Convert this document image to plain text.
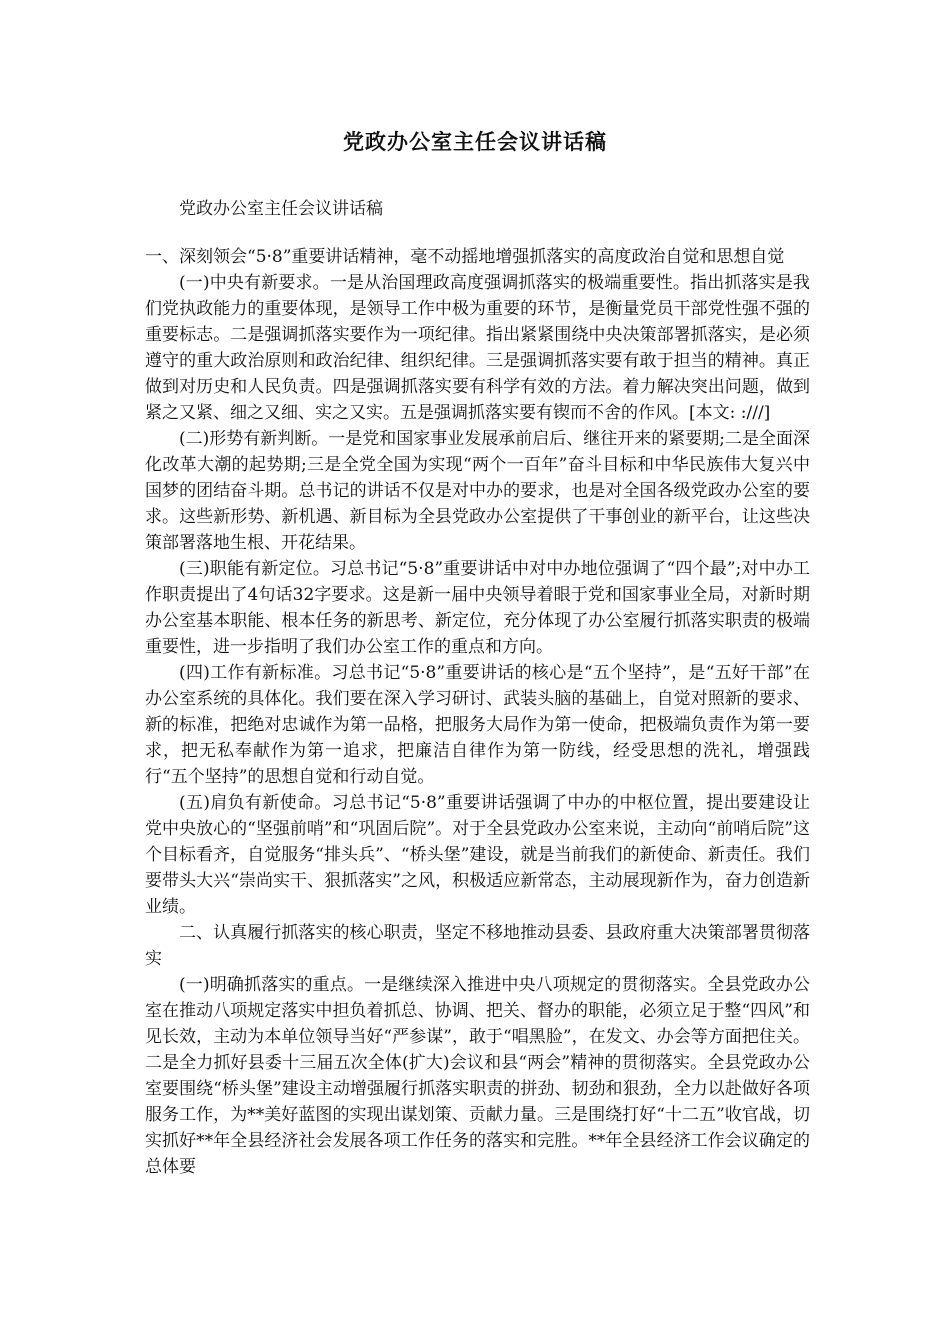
党政办公室主任会议讲话稿

党政办公室主任会议讲话稿

一、深刻领会“5·8”重要讲话精神，毫不动摇地增强抓落实的高度政治自觉和思想自觉

(一)中央有新要求。一是从治国理政高度强调抓落实的极端重要性。指出抓落实是我们党执政能力的重要体现，是领导工作中极为重要的环节，是衡量党员干部党性强不强的重要标志。二是强调抓落实要作为一项纪律。指出紧紧围绕中央决策部署抓落实，是必须遵守的重大政治原则和政治纪律、组织纪律。三是强调抓落实要有敢于担当的精神。真正做到对历史和人民负责。四是强调抓落实要有科学有效的方法。着力解决突出问题，做到紧之又紧、细之又细、实之又实。五是强调抓落实要有锲而不舍的作风。[本文: :///]

(二)形势有新判断。一是党和国家事业发展承前启后、继往开来的紧要期;二是全面深化改革大潮的起势期;三是全党全国为实现“两个一百年”奋斗目标和中华民族伟大复兴中国梦的团结奋斗期。总书记的讲话不仅是对中办的要求，也是对全国各级党政办公室的要求。这些新形势、新机遇、新目标为全县党政办公室提供了干事创业的新平台，让这些决策部署落地生根、开花结果。

(三)职能有新定位。习总书记“5·8”重要讲话中对中办地位强调了“四个最”;对中办工作职责提出了4句话32字要求。这是新一届中央领导着眼于党和国家事业全局，对新时期办公室基本职能、根本任务的新思考、新定位，充分体现了办公室履行抓落实职责的极端重要性，进一步指明了我们办公室工作的重点和方向。

(四)工作有新标准。习总书记“5·8”重要讲话的核心是“五个坚持”，是“五好干部”在办公室系统的具体化。我们要在深入学习研讨、武装头脑的基础上，自觉对照新的要求、新的标准，把绝对忠诚作为第一品格，把服务大局作为第一使命，把极端负责作为第一要求，把无私奉献作为第一追求，把廉洁自律作为第一防线，经受思想的洗礼，增强践行“五个坚持”的思想自觉和行动自觉。

(五)肩负有新使命。习总书记“5·8”重要讲话强调了中办的中枢位置，提出要建设让党中央放心的“坚强前哨”和“巩固后院”。对于全县党政办公室来说，主动向“前哨后院”这个目标看齐，自觉服务“排头兵”、“桥头堡”建设，就是当前我们的新使命、新责任。我们要带头大兴“崇尚实干、狠抓落实”之风，积极适应新常态，主动展现新作为，奋力创造新业绩。

二、认真履行抓落实的核心职责，坚定不移地推动县委、县政府重大决策部署贯彻落实

(一)明确抓落实的重点。一是继续深入推进中央八项规定的贯彻落实。全县党政办公室在推动八项规定落实中担负着抓总、协调、把关、督办的职能，必须立足于整“四风”和见长效，主动为本单位领导当好“严参谋”，敢于“唱黑脸”，在发文、办会等方面把住关。二是全力抓好县委十三届五次全体(扩大)会议和县“两会”精神的贯彻落实。全县党政办公室要围绕“桥头堡”建设主动增强履行抓落实职责的拼劲、韧劲和狠劲，全力以赴做好各项服务工作，为**美好蓝图的实现出谋划策、贡献力量。三是围绕打好“十二五”收官战，切实抓好**年全县经济社会发展各项工作任务的落实和完胜。**年全县经济工作会议确定的总体要
